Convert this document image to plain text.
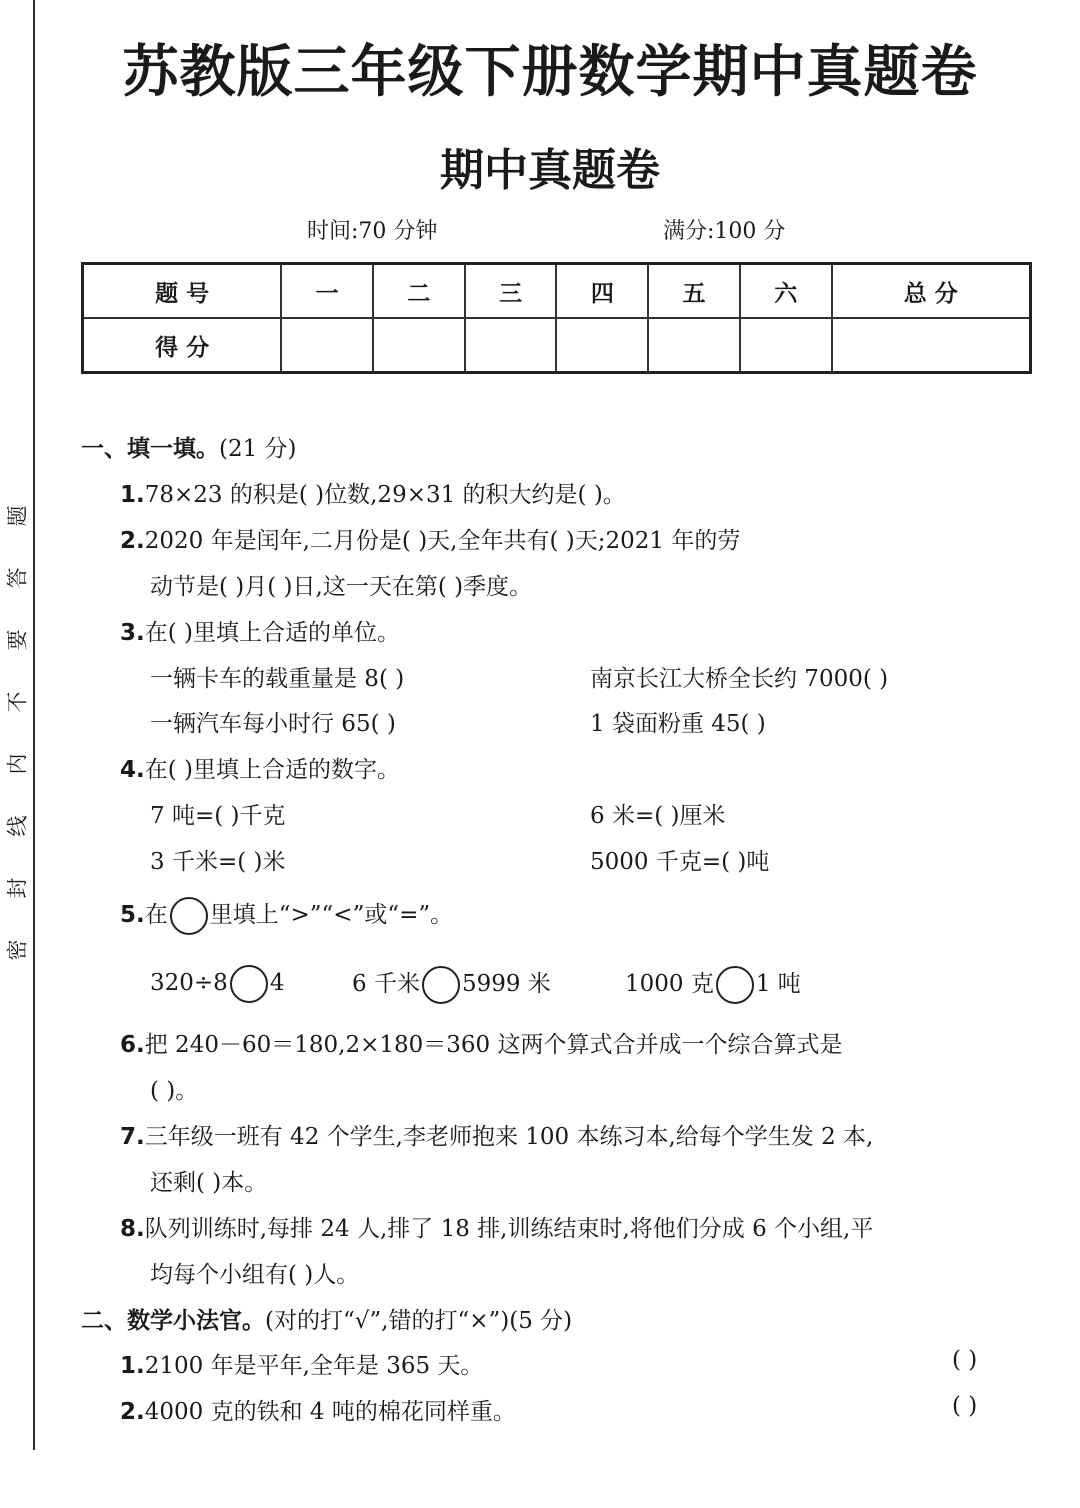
题
答
要
不
内
线
封
密
苏教版三年级下册数学期中真题卷
期中真题卷
时间:70 分钟	满分:100 分
题 号	一	二	三	四	五	六	总 分
得 分							
一、填一填。(21 分)
1.78×23 的积是( )位数,29×31 的积大约是( )。
2.2020 年是闰年,二月份是( )天,全年共有( )天;2021 年的劳
动节是( )月( )日,这一天在第( )季度。
3.在( )里填上合适的单位。
一辆卡车的载重量是 8( )	南京长江大桥全长约 7000( )
一辆汽车每小时行 65( )	1 袋面粉重 45( )
4.在( )里填上合适的数字。
7 吨=( )千克	6 米=( )厘米
3 千米=( )米	5000 千克=( )吨
5.在 里填上“>”“<”或“=”。
320÷8 4	6 千米 5999 米	1000 克 1 吨
6.把 240－60＝180,2×180＝360 这两个算式合并成一个综合算式是
( )。
7.三年级一班有 42 个学生,李老师抱来 100 本练习本,给每个学生发 2 本,
还剩( )本。
8.队列训练时,每排 24 人,排了 18 排,训练结束时,将他们分成 6 个小组,平
均每个小组有( )人。
二、数学小法官。(对的打“√”,错的打“×”)(5 分)
1.2100 年是平年,全年是 365 天。	( )
2.4000 克的铁和 4 吨的棉花同样重。	( )
